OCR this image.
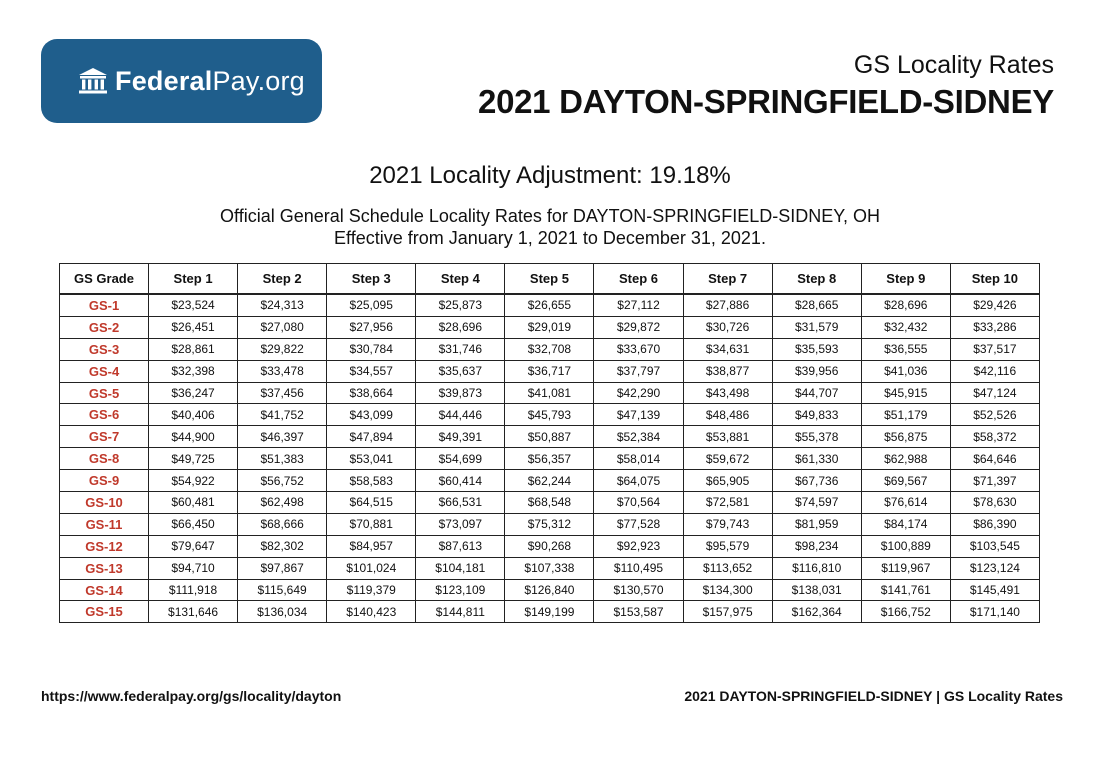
FederalPay.org
GS Locality Rates
2021 DAYTON-SPRINGFIELD-SIDNEY
2021 Locality Adjustment: 19.18%
Official General Schedule Locality Rates for DAYTON-SPRINGFIELD-SIDNEY, OH
Effective from January 1, 2021 to December 31, 2021.
GS Grade	Step 1	Step 2	Step 3	Step 4	Step 5	Step 6	Step 7	Step 8	Step 9	Step 10
GS-1	$23,524	$24,313	$25,095	$25,873	$26,655	$27,112	$27,886	$28,665	$28,696	$29,426
GS-2	$26,451	$27,080	$27,956	$28,696	$29,019	$29,872	$30,726	$31,579	$32,432	$33,286
GS-3	$28,861	$29,822	$30,784	$31,746	$32,708	$33,670	$34,631	$35,593	$36,555	$37,517
GS-4	$32,398	$33,478	$34,557	$35,637	$36,717	$37,797	$38,877	$39,956	$41,036	$42,116
GS-5	$36,247	$37,456	$38,664	$39,873	$41,081	$42,290	$43,498	$44,707	$45,915	$47,124
GS-6	$40,406	$41,752	$43,099	$44,446	$45,793	$47,139	$48,486	$49,833	$51,179	$52,526
GS-7	$44,900	$46,397	$47,894	$49,391	$50,887	$52,384	$53,881	$55,378	$56,875	$58,372
GS-8	$49,725	$51,383	$53,041	$54,699	$56,357	$58,014	$59,672	$61,330	$62,988	$64,646
GS-9	$54,922	$56,752	$58,583	$60,414	$62,244	$64,075	$65,905	$67,736	$69,567	$71,397
GS-10	$60,481	$62,498	$64,515	$66,531	$68,548	$70,564	$72,581	$74,597	$76,614	$78,630
GS-11	$66,450	$68,666	$70,881	$73,097	$75,312	$77,528	$79,743	$81,959	$84,174	$86,390
GS-12	$79,647	$82,302	$84,957	$87,613	$90,268	$92,923	$95,579	$98,234	$100,889	$103,545
GS-13	$94,710	$97,867	$101,024	$104,181	$107,338	$110,495	$113,652	$116,810	$119,967	$123,124
GS-14	$111,918	$115,649	$119,379	$123,109	$126,840	$130,570	$134,300	$138,031	$141,761	$145,491
GS-15	$131,646	$136,034	$140,423	$144,811	$149,199	$153,587	$157,975	$162,364	$166,752	$171,140
https://www.federalpay.org/gs/locality/dayton	2021 DAYTON-SPRINGFIELD-SIDNEY | GS Locality Rates
